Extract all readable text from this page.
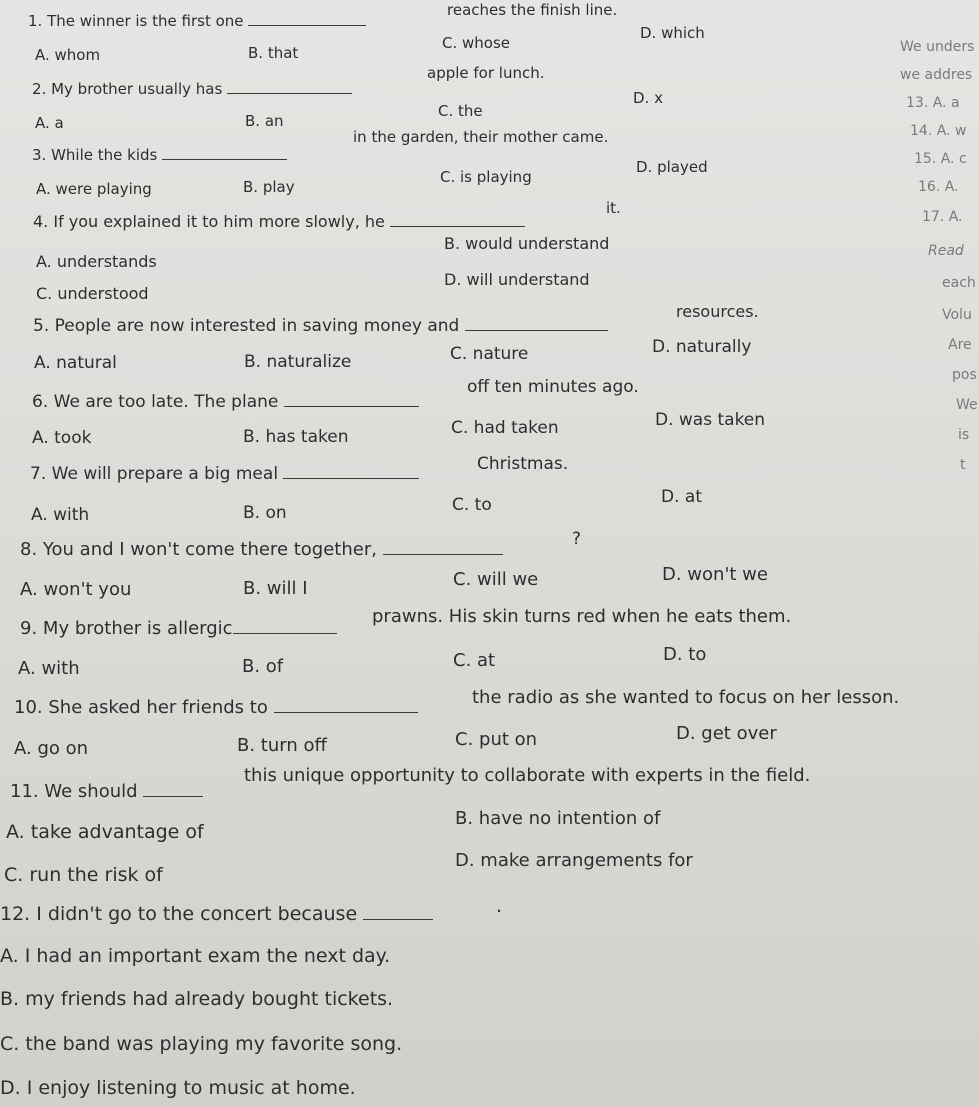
1. The winner is the first one
reaches the finish line.
A. whom	B. that
C. whose
D. which
2. My brother usually has
apple for lunch.
A. a	B. an
C. the
D. x
3. While the kids
in the garden, their mother came.
A. were playing	B. play
C. is playing
D. played
4. If you explained it to him more slowly, he
it.
A. understands
B. would understand
C. understood
D. will understand
5. People are now interested in saving money and
resources.
A. natural	B. naturalize	C. nature	D. naturally
6. We are too late. The plane
off ten minutes ago.
A. took	B. has taken	C. had taken	D. was taken
7. We will prepare a big meal	Christmas.
A. with	B. on	C. to	D. at
8. You and I won't come there together,	?
A. won't you	B. will I	C. will we	D. won't we
9. My brother is allergic
prawns. His skin turns red when he eats them.
A. with	B. of	C. at	D. to
10. She asked her friends to	the radio as she wanted to focus on her lesson.
A. go on	B. turn off	C. put on	D. get over
11. We should
this unique opportunity to collaborate with experts in the field.
A. take advantage of
B. have no intention of
C. run the risk of
D. make arrangements for
12. I didn't go to the concert because	.
A. I had an important exam the next day.
B. my friends had already bought tickets.
C. the band was playing my favorite song.
D. I enjoy listening to music at home.
We unders
we addres
13. A. a
14. A. w
15. A. c
16. A.
17. A.
Read
each
Volu
Are
pos
We
is
t
